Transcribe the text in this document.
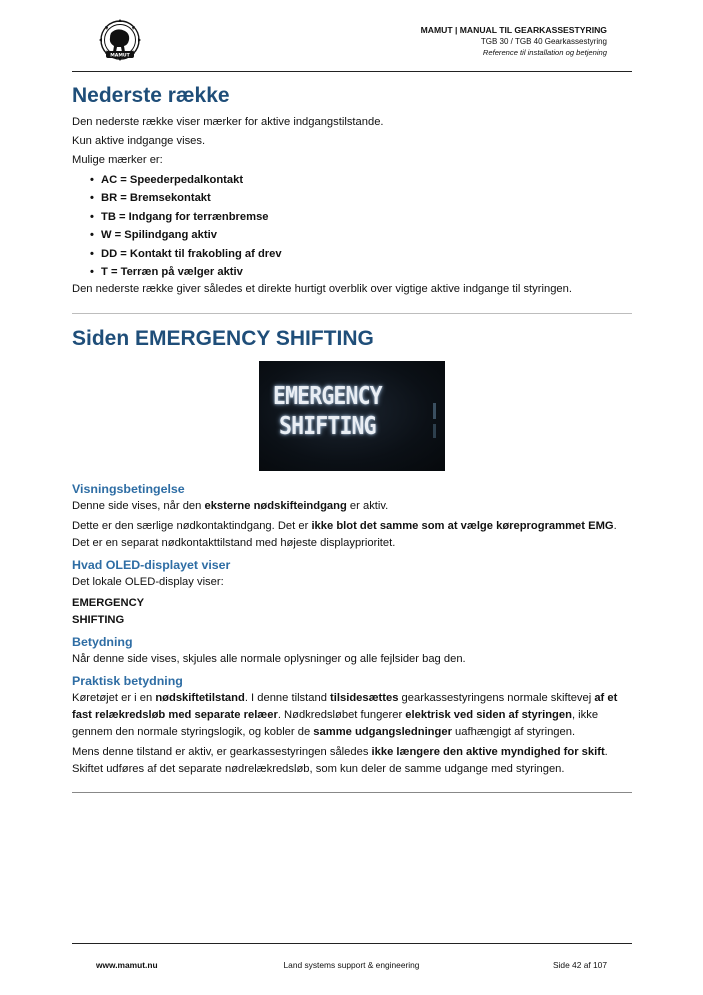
MAMUT
MAMUT | MANUAL TIL GEARKASSESTYRING
TGB 30 / TGB 40 Gearkassestyring
Reference til installation og betjening
Nederste række

Den nederste række viser mærker for aktive indgangstilstande.

Kun aktive indgange vises.

Mulige mærker er:

• AC = Speederpedalkontakt
• BR = Bremsekontakt
• TB = Indgang for terrænbremse
• W = Spilindgang aktiv
• DD = Kontakt til frakobling af drev
• T = Terræn på vælger aktiv

Den nederste række giver således et direkte hurtigt overblik over vigtige aktive indgange til styringen.

Siden EMERGENCY SHIFTING
EMERGENCY
SHIFTING
Visningsbetingelse

Denne side vises, når den eksterne nødskifteindgang er aktiv.

Dette er den særlige nødkontaktindgang. Det er ikke blot det samme som at vælge køreprogrammet EMG. Det er en separat nødkontakttilstand med højeste displayprioritet.

Hvad OLED-displayet viser

Det lokale OLED-display viser:

EMERGENCY
SHIFTING

Betydning

Når denne side vises, skjules alle normale oplysninger og alle fejlsider bag den.

Praktisk betydning

Køretøjet er i en nødskiftetilstand. I denne tilstand tilsidesættes gearkassestyringens normale skiftevej af et fast relækredsløb med separate relæer. Nødkredsløbet fungerer elektrisk ved siden af styringen, ikke gennem den normale styringslogik, og kobler de samme udgangsledninger uafhængigt af styringen.

Mens denne tilstand er aktiv, er gearkassestyringen således ikke længere den aktive myndighed for skift. Skiftet udføres af det separate nødrelækredsløb, som kun deler de samme udgange med styringen.

www.mamut.nu	Land systems support & engineering	Side 42 af 107
